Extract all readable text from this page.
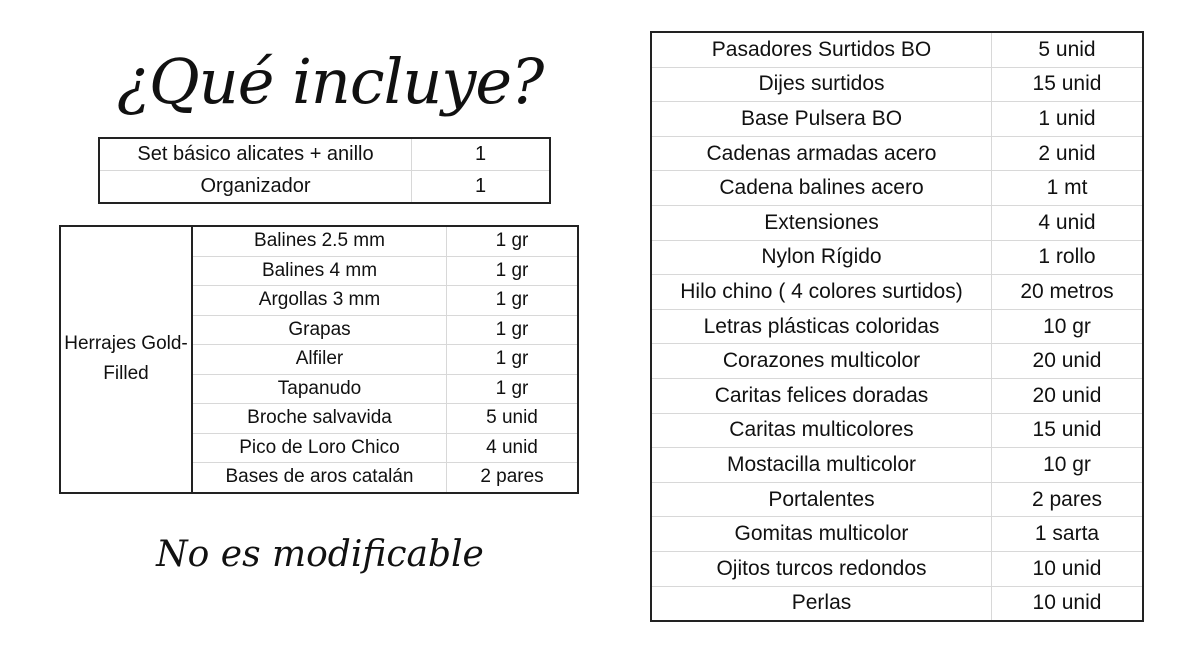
¿Qué incluye?
Set básico alicates + anillo	1
Organizador	1
Herrajes Gold-Filled	Balines 2.5 mm	1 gr
	Balines 4 mm	1 gr
	Argollas 3 mm	1 gr
	Grapas	1 gr
	Alfiler	1 gr
	Tapanudo	1 gr
	Broche salvavida	5 unid
	Pico de Loro Chico	4 unid
	Bases de aros catalán	2 pares
No es modificable
Pasadores Surtidos BO	5 unid
Dijes surtidos	15 unid
Base Pulsera BO	1 unid
Cadenas armadas acero	2 unid
Cadena balines acero	1 mt
Extensiones	4 unid
Nylon Rígido	1 rollo
Hilo chino ( 4 colores surtidos)	20 metros
Letras plásticas coloridas	10 gr
Corazones multicolor	20 unid
Caritas felices doradas	20 unid
Caritas multicolores	15 unid
Mostacilla multicolor	10 gr
Portalentes	2 pares
Gomitas multicolor	1 sarta
Ojitos turcos redondos	10 unid
Perlas	10 unid
